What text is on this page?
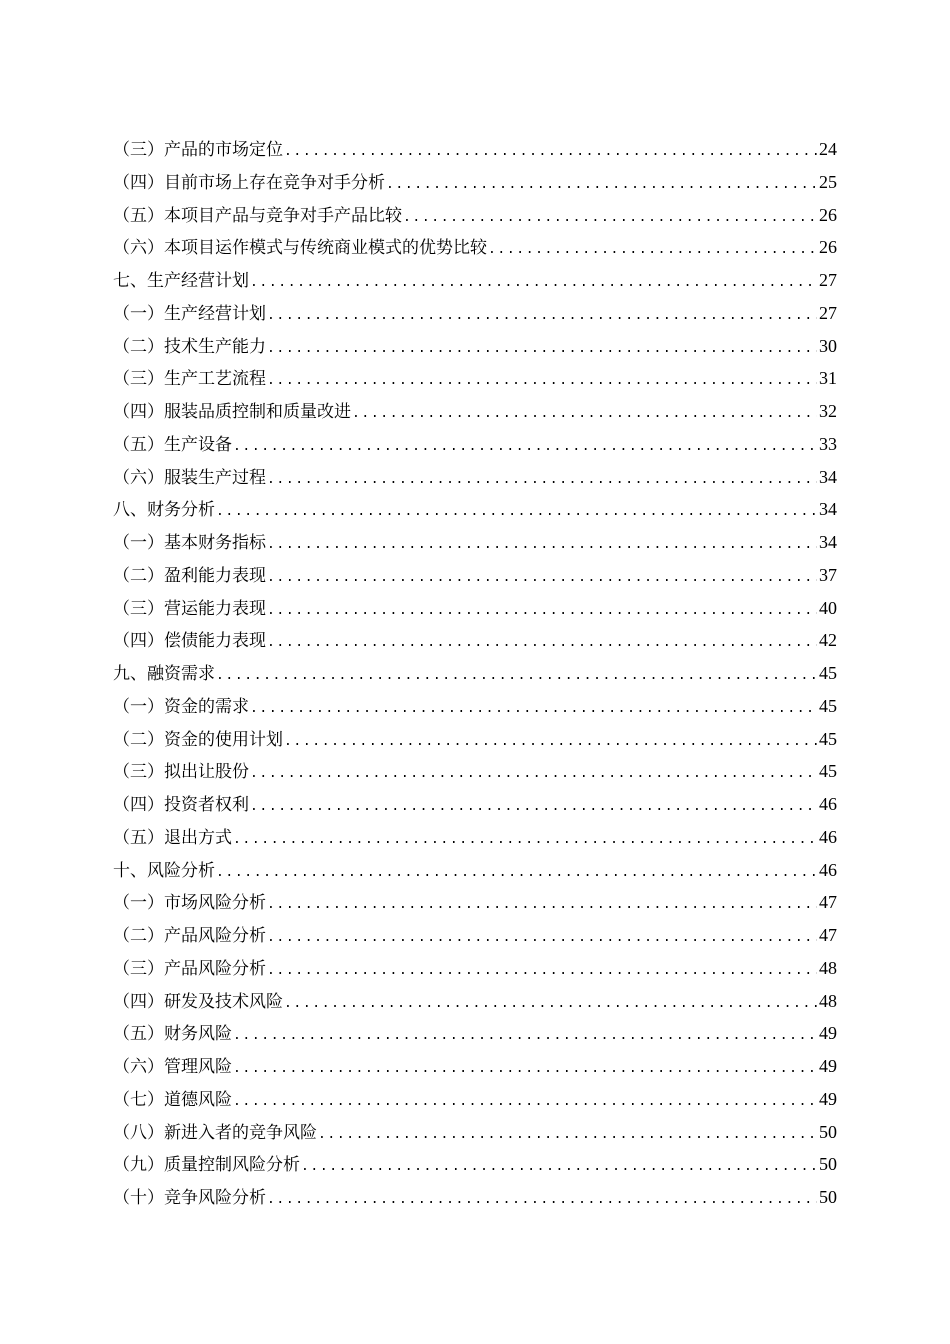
（三）产品的市场定位 .....	24
（四）目前市场上存在竞争对手分析 .....	25
（五）本项目产品与竞争对手产品比较 .....	26
（六）本项目运作模式与传统商业模式的优势比较 .....	26
七、生产经营计划 .....	27
（一）生产经营计划 .....	27
（二）技术生产能力 .....	30
（三）生产工艺流程 .....	31
（四）服装品质控制和质量改进 .....	32
（五）生产设备 .....	33
（六）服装生产过程 .....	34
八、财务分析 .....	34
（一）基本财务指标 .....	34
（二）盈利能力表现 .....	37
（三）营运能力表现 .....	40
（四）偿债能力表现 .....	42
九、融资需求 .....	45
（一）资金的需求 .....	45
（二）资金的使用计划 .....	45
（三）拟出让股份 .....	45
（四）投资者权利 .....	46
（五）退出方式 .....	46
十、风险分析 .....	46
（一）市场风险分析 .....	47
（二）产品风险分析 .....	47
（三）产品风险分析 .....	48
（四）研发及技术风险 .....	48
（五）财务风险 .....	49
（六）管理风险 .....	49
（七）道德风险 .....	49
（八）新进入者的竞争风险 .....	50
（九）质量控制风险分析 .....	50
（十）竞争风险分析 .....	50
